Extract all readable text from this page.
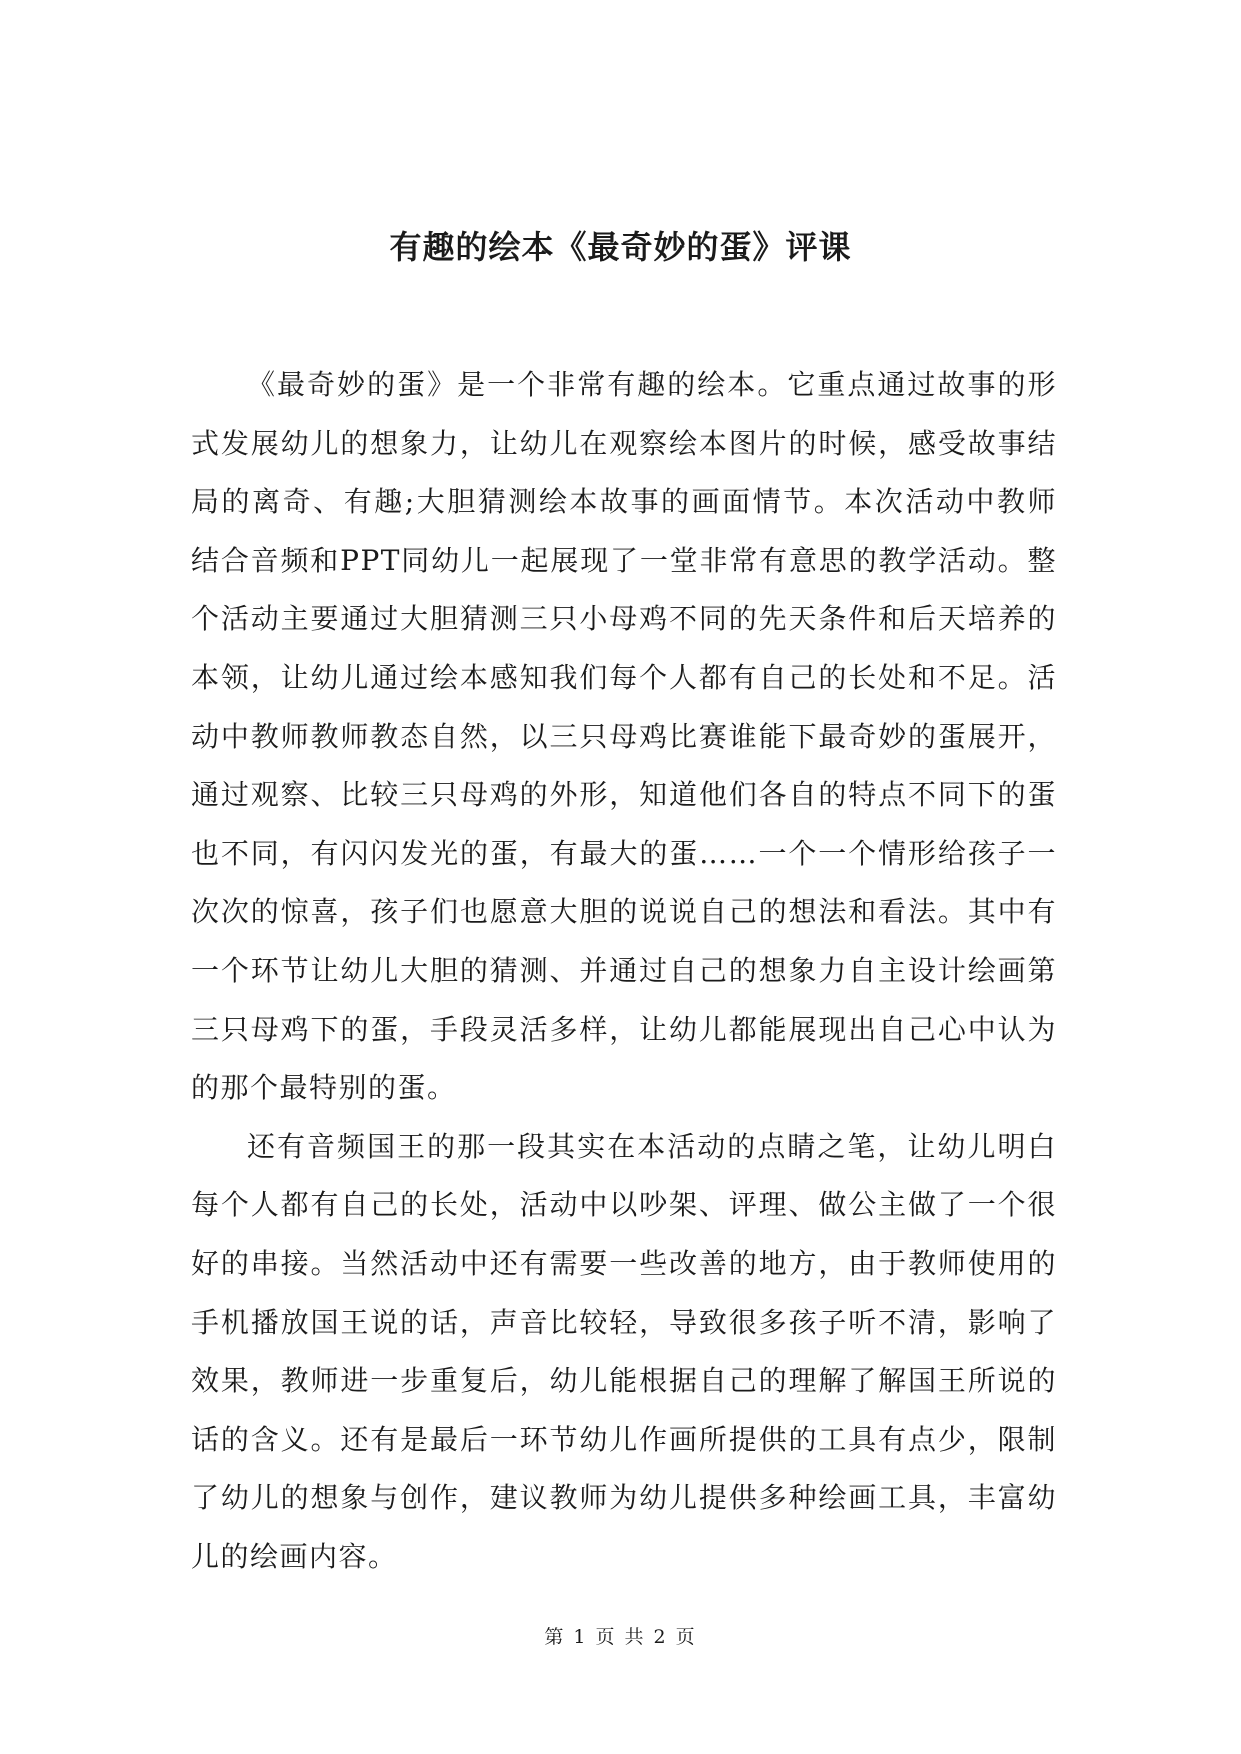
有趣的绘本《最奇妙的蛋》评课

《最奇妙的蛋》是一个非常有趣的绘本。它重点通过故事的形式发展幼儿的想象力，让幼儿在观察绘本图片的时候，感受故事结局的离奇、有趣;大胆猜测绘本故事的画面情节。本次活动中教师结合音频和PPT同幼儿一起展现了一堂非常有意思的教学活动。整个活动主要通过大胆猜测三只小母鸡不同的先天条件和后天培养的本领，让幼儿通过绘本感知我们每个人都有自己的长处和不足。活动中教师教师教态自然，以三只母鸡比赛谁能下最奇妙的蛋展开，通过观察、比较三只母鸡的外形，知道他们各自的特点不同下的蛋也不同，有闪闪发光的蛋，有最大的蛋……一个一个情形给孩子一次次的惊喜，孩子们也愿意大胆的说说自己的想法和看法。其中有一个环节让幼儿大胆的猜测、并通过自己的想象力自主设计绘画第三只母鸡下的蛋，手段灵活多样，让幼儿都能展现出自己心中认为的那个最特别的蛋。

还有音频国王的那一段其实在本活动的点睛之笔，让幼儿明白每个人都有自己的长处，活动中以吵架、评理、做公主做了一个很好的串接。当然活动中还有需要一些改善的地方，由于教师使用的手机播放国王说的话，声音比较轻，导致很多孩子听不清，影响了效果，教师进一步重复后，幼儿能根据自己的理解了解国王所说的话的含义。还有是最后一环节幼儿作画所提供的工具有点少，限制了幼儿的想象与创作，建议教师为幼儿提供多种绘画工具，丰富幼儿的绘画内容。

第 1 页 共 2 页
